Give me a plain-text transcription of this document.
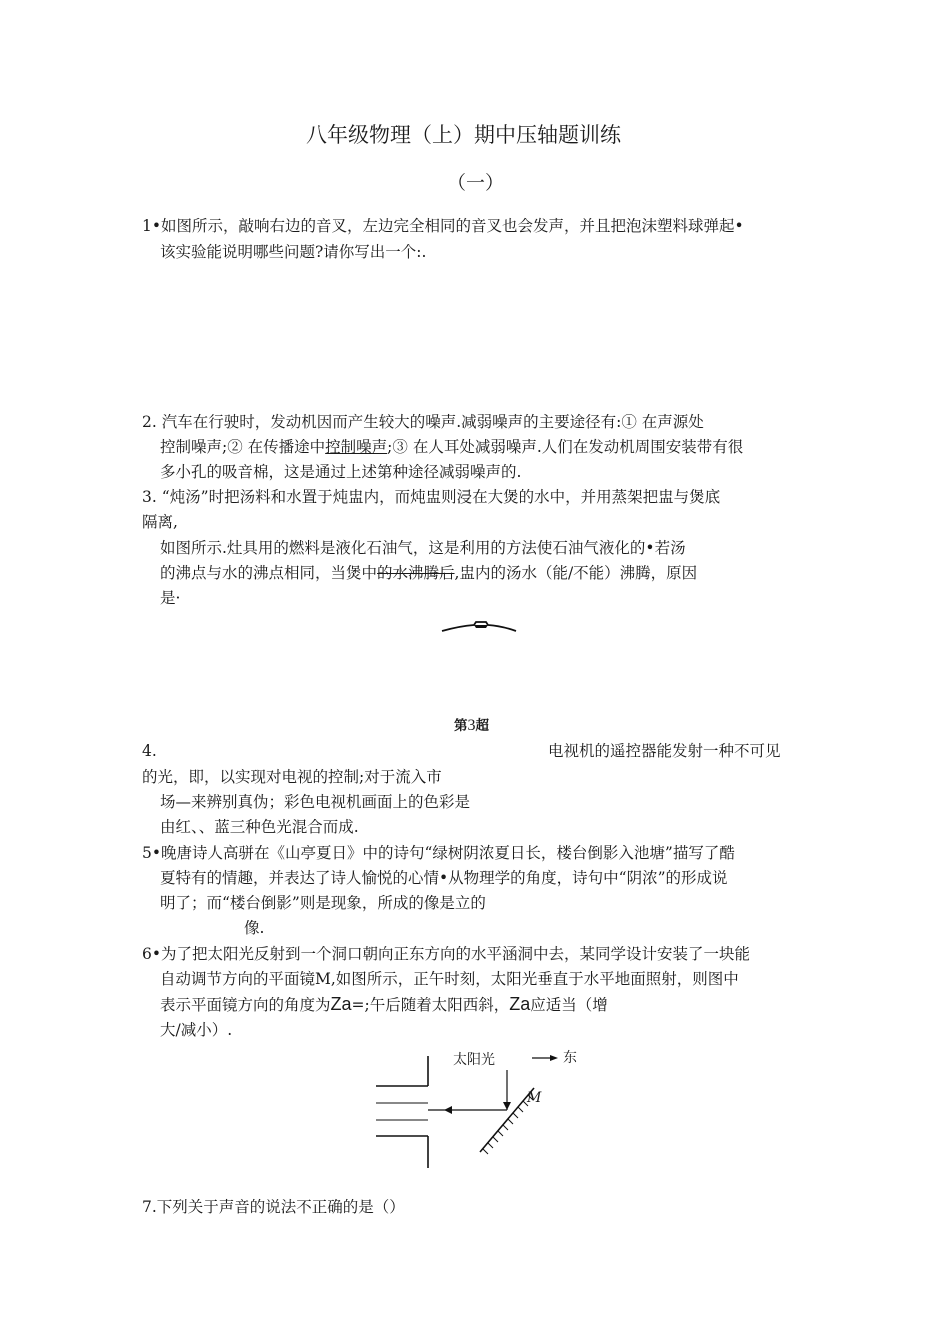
八年级物理（上）期中压轴题训练
（一）
1•如图所示，敲响右边的音叉，左边完全相同的音叉也会发声，并且把泡沫塑料球弹起•
该实验能说明哪些问题?请你写出一个:.
2. 汽车在行驶时，发动机因而产生较大的噪声.减弱噪声的主要途径有:① 在声源处
控制噪声;② 在传播途中控制噪声;③ 在人耳处减弱噪声.人们在发动机周围安装带有很
多小孔的吸音棉，这是通过上述第种途径减弱噪声的.
3. “炖汤”时把汤料和水置于炖盅内，而炖盅则浸在大煲的水中，并用蒸架把盅与煲底
隔离,
如图所示.灶具用的燃料是液化石油气，这是利用的方法使石油气液化的•若汤
的沸点与水的沸点相同，当煲中的水沸腾后,盅内的汤水（能/不能）沸腾，原因
是·
第3超
4.	电视机的遥控器能发射一种不可见
的光，即，以实现对电视的控制;对于流入市
场—来辨别真伪；彩色电视机画面上的色彩是
由红、、蓝三种色光混合而成.
5•晚唐诗人高骈在《山亭夏日》中的诗句“绿树阴浓夏日长，楼台倒影入池塘”描写了酷
夏特有的情趣，并表达了诗人愉悦的心情•从物理学的角度，诗句中“阴浓”的形成说
明了；而“楼台倒影”则是现象，所成的像是立的
像.
6•为了把太阳光反射到一个洞口朝向正东方向的水平涵洞中去，某同学设计安装了一块能
自动调节方向的平面镜M,如图所示，正午时刻，太阳光垂直于水平地面照射，则图中
表示平面镜方向的角度为Za=;午后随着太阳西斜，Za应适当（增
大/减小）.
太阳光	东
M
7.下列关于声音的说法不正确的是（）
